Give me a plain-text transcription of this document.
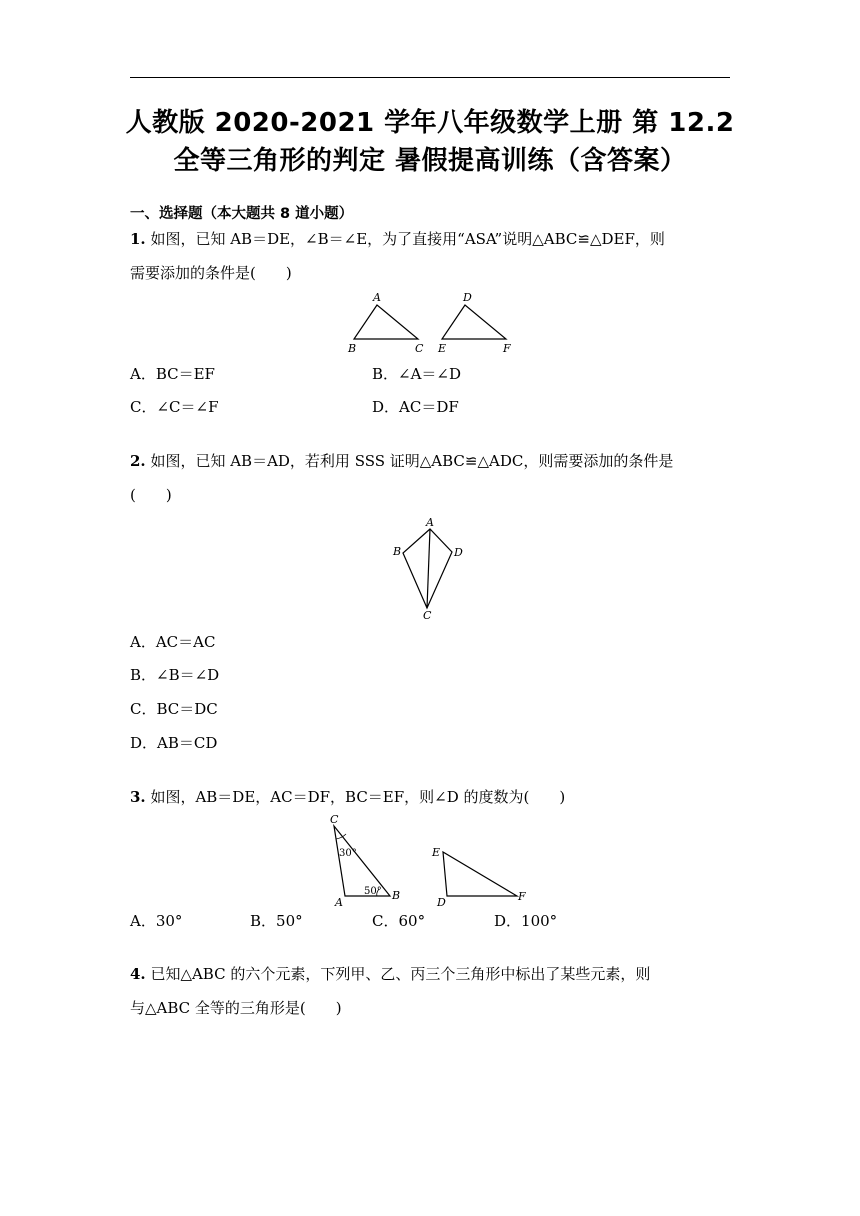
人教版 2020-2021 学年八年级数学上册 第 12.2
全等三角形的判定 暑假提高训练（含答案）
一、选择题（本大题共 8 道小题）
1. 如图，已知 AB＝DE，∠B＝∠E，为了直接用“ASA”说明△ABC≌△DEF，则
需要添加的条件是(　　)
A
B	C
D
E	F
A．BC＝EF	B．∠A＝∠D
C．∠C＝∠F	D．AC＝DF
2. 如图，已知 AB＝AD，若利用 SSS 证明△ABC≌△ADC，则需要添加的条件是
(　　)
A
B	D
C
A．AC＝AC
B．∠B＝∠D
C．BC＝DC
D．AB＝CD
3. 如图，AB＝DE，AC＝DF，BC＝EF，则∠D 的度数为(　　)
C
A
B
E
D	F
30°
50°
A．30°	B．50°	C．60°	D．100°
4. 已知△ABC 的六个元素，下列甲、乙、丙三个三角形中标出了某些元素，则
与△ABC 全等的三角形是(　　)
